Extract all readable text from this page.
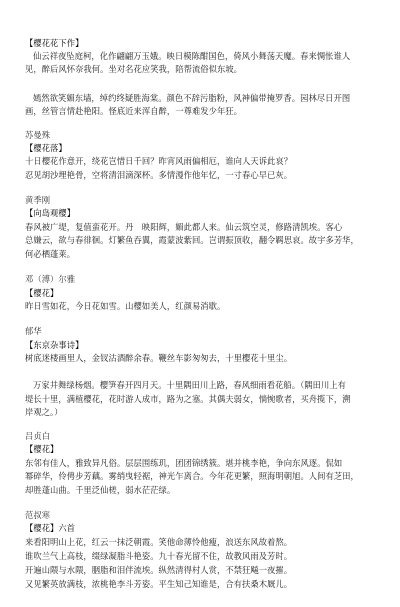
【樱花花下作】
仙云祥夜坠庭柯，化作翩翩万玉娥。映日模陈酣国色，倚风小舞荡天魔。春来惆怅谁人
见，醉后风怀奈我何。坐对名花应笑我，陪帮流俗似东坡。
嫣然欲笑媚东墙，绰约终疑胜海棠。颜色不辞污脂粉，风神偏带掩罗香。园林尽日开图
画，丝管言情赴艳阳。怪底近来浑自醉，一尊难发少年狂。
苏曼殊
【樱花落】
十日樱花作意开，绕花岂惜日千回？昨宵风雨偏相厄，谁向人天诉此哀？
忍见胡沙埋艳骨，空将清泪滴深杯。多情漫作他年忆，一寸春心早已灰。
黄季刚
【向岛观樱】
春风被广堤，复值蛮花开。丹　映阳辉，媚此都人来。仙云筑空灵，修路清凯埃。客心
总嫌云，欲与春徘徊。灯繁鱼吞翼，霞蒙波紫回。岂谓振顶收，翻令羁思哀。故宇多芳华，
何必栖蓬莱。
邓（溥）尔雅
【樱花】
昨日雪如花，今日花如雪。山樱如美人，红颜易消歇。
郁华
【东京杂事诗】
树底迷楼画里人，金钗沽酒醉余春。鞭丝车影匆匆去，十里樱花十里尘。
万家井舞绿杨烟。樱笋春开四月天。十里隅田川上路，春风细雨看花船。（隅田川上有
堤长十里，满植樱花，花时游人成市，路为之塞。其偶夫弱女，惝惋歌者，买舟揽下，溯
岸观之。）
吕贞白
【樱花】
东邻有佳人，雅致异凡俗。层层围练玑，团团锦绣簇。堪并桃李艳，争向东风逐。侃如
幂碎华，伶俜步芳藕。雾绡曳轻裾，神光乍离合。今年花更繁，照海明朝旭。人间有芝田，
却胜蓬山曲。千里泛仙槎，弱水茫茫绿。
范叔寒
【樱花】六首
来看阳明山上花，红云一抹泛朝霞。笑他命薄怜他瘦，浪送东风故着熬。
谁吹兰气上高枝，缀绿凝脂斗艳姿。九十春光留不住，故教风雨及芳时。
开遍山隈与水隈，胭脂和泪伴流埃。纵然清得村人赏，不禁狂飚一夜摧。
又见繁英放满枝，浓桃艳李斗芳姿。平生知己知谁是，合有扶桑木厩儿。
